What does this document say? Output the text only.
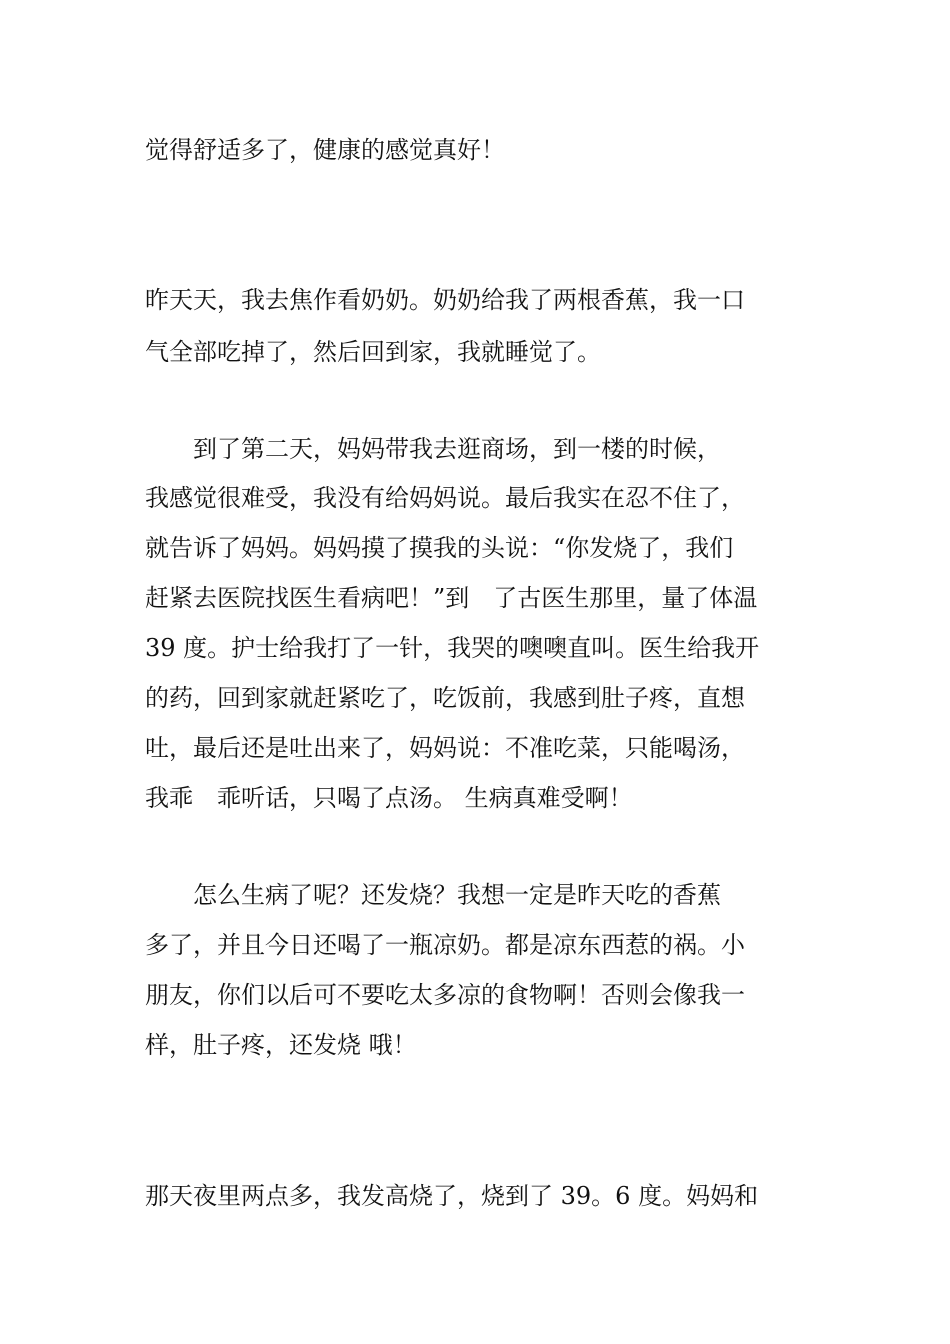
觉得舒适多了，健康的感觉真好！
昨天天，我去焦作看奶奶。奶奶给我了两根香蕉，我一口
气全部吃掉了，然后回到家，我就睡觉了。
　　到了第二天，妈妈带我去逛商场，到一楼的时候，
我感觉很难受，我没有给妈妈说。最后我实在忍不住了，
就告诉了妈妈。妈妈摸了摸我的头说：“你发烧了，我们
赶紧去医院找医生看病吧！”到　了古医生那里，量了体温
39 度。护士给我打了一针，我哭的噢噢直叫。医生给我开
的药，回到家就赶紧吃了，吃饭前，我感到肚子疼，直想
吐，最后还是吐出来了，妈妈说：不准吃菜，只能喝汤，
我乖　乖听话，只喝了点汤。 生病真难受啊！
　　怎么生病了呢？还发烧？我想一定是昨天吃的香蕉
多了，并且今日还喝了一瓶凉奶。都是凉东西惹的祸。小
朋友，你们以后可不要吃太多凉的食物啊！否则会像我一
样，肚子疼，还发烧 哦！
那天夜里两点多，我发高烧了，烧到了 39。6 度。妈妈和
